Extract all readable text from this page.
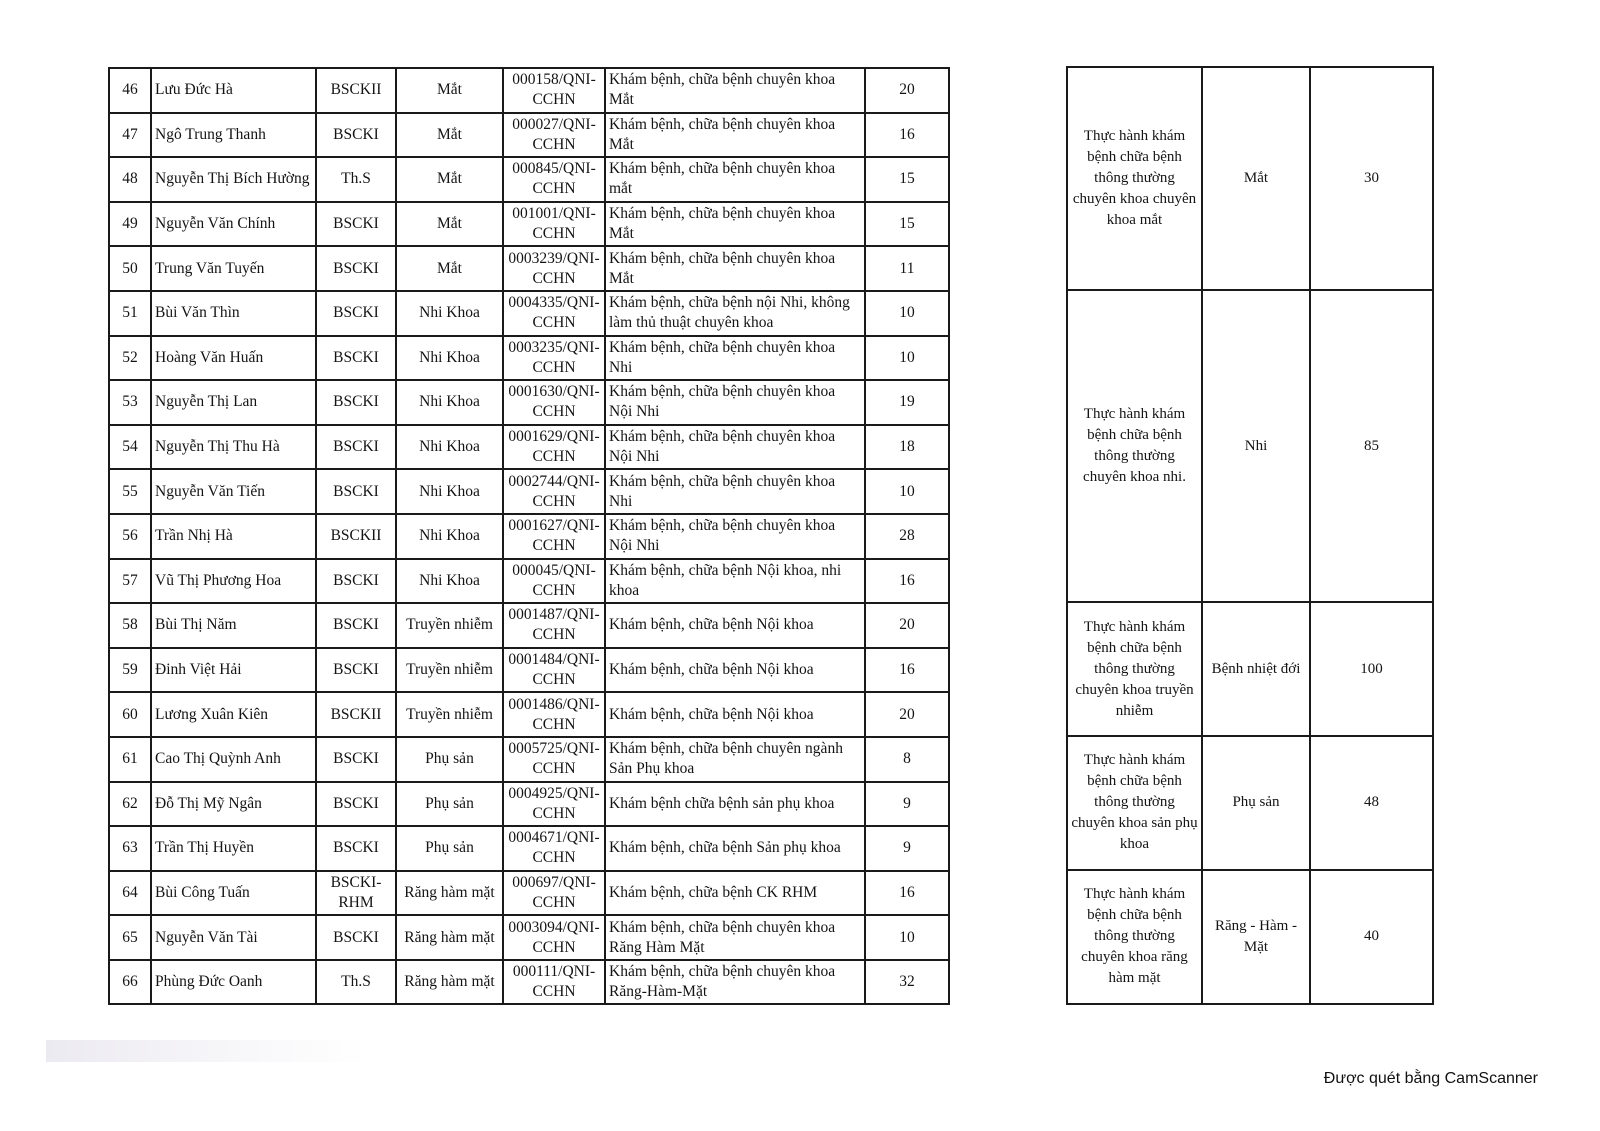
46	Lưu Đức Hà	BSCKII	Mắt	000158/QNI-CCHN	Khám bệnh, chữa bệnh chuyên khoa Mắt	20
47	Ngô Trung Thanh	BSCKI	Mắt	000027/QNI-CCHN	Khám bệnh, chữa bệnh chuyên khoa Mắt	16
48	Nguyễn Thị Bích Hường	Th.S	Mắt	000845/QNI-CCHN	Khám bệnh, chữa bệnh chuyên khoa mắt	15
49	Nguyễn Văn Chính	BSCKI	Mắt	001001/QNI-CCHN	Khám bệnh, chữa bệnh chuyên khoa Mắt	15
50	Trung Văn Tuyến	BSCKI	Mắt	0003239/QNI-CCHN	Khám bệnh, chữa bệnh chuyên khoa Mắt	11
51	Bùi Văn Thìn	BSCKI	Nhi Khoa	0004335/QNI-CCHN	Khám bệnh, chữa bệnh nội Nhi, không làm thủ thuật chuyên khoa	10
52	Hoàng Văn Huấn	BSCKI	Nhi Khoa	0003235/QNI-CCHN	Khám bệnh, chữa bệnh chuyên khoa Nhi	10
53	Nguyễn Thị Lan	BSCKI	Nhi Khoa	0001630/QNI-CCHN	Khám bệnh, chữa bệnh chuyên khoa Nội Nhi	19
54	Nguyễn Thị Thu Hà	BSCKI	Nhi Khoa	0001629/QNI-CCHN	Khám bệnh, chữa bệnh chuyên khoa Nội Nhi	18
55	Nguyễn Văn Tiến	BSCKI	Nhi Khoa	0002744/QNI-CCHN	Khám bệnh, chữa bệnh chuyên khoa Nhi	10
56	Trần Nhị Hà	BSCKII	Nhi Khoa	0001627/QNI-CCHN	Khám bệnh, chữa bệnh chuyên khoa Nội Nhi	28
57	Vũ Thị Phương Hoa	BSCKI	Nhi Khoa	000045/QNI-CCHN	Khám bệnh, chữa bệnh Nội khoa, nhi khoa	16
58	Bùi Thị Năm	BSCKI	Truyền nhiễm	0001487/QNI-CCHN	Khám bệnh, chữa bệnh Nội khoa	20
59	Đinh Việt Hải	BSCKI	Truyền nhiễm	0001484/QNI-CCHN	Khám bệnh, chữa bệnh Nội khoa	16
60	Lương Xuân Kiên	BSCKII	Truyền nhiễm	0001486/QNI-CCHN	Khám bệnh, chữa bệnh Nội khoa	20
61	Cao Thị Quỳnh Anh	BSCKI	Phụ sản	0005725/QNI-CCHN	Khám bệnh, chữa bệnh chuyên ngành Sản Phụ khoa	8
62	Đỗ Thị Mỹ Ngân	BSCKI	Phụ sản	0004925/QNI-CCHN	Khám bệnh chữa bệnh sản phụ khoa	9
63	Trần Thị Huyền	BSCKI	Phụ sản	0004671/QNI-CCHN	Khám bệnh, chữa bệnh Sản phụ khoa	9
64	Bùi Công Tuấn	BSCKI-RHM	Răng hàm mặt	000697/QNI-CCHN	Khám bệnh, chữa bệnh CK RHM	16
65	Nguyễn Văn Tài	BSCKI	Răng hàm mặt	0003094/QNI-CCHN	Khám bệnh, chữa bệnh chuyên khoa Răng Hàm Mặt	10
66	Phùng Đức Oanh	Th.S	Răng hàm mặt	000111/QNI-CCHN	Khám bệnh, chữa bệnh chuyên khoa Răng-Hàm-Mặt	32
Thực hành khám bệnh chữa bệnh thông thường chuyên khoa chuyên khoa mắt	Mắt	30
Thực hành khám bệnh chữa bệnh thông thường chuyên khoa nhi.	Nhi	85
Thực hành khám bệnh chữa bệnh thông thường chuyên khoa truyền nhiễm	Bệnh nhiệt đới	100
Thực hành khám bệnh chữa bệnh thông thường chuyên khoa sản phụ khoa	Phụ sản	48
Thực hành khám bệnh chữa bệnh thông thường chuyên khoa răng hàm mặt	Răng - Hàm - Mặt	40
Được quét bằng CamScanner
